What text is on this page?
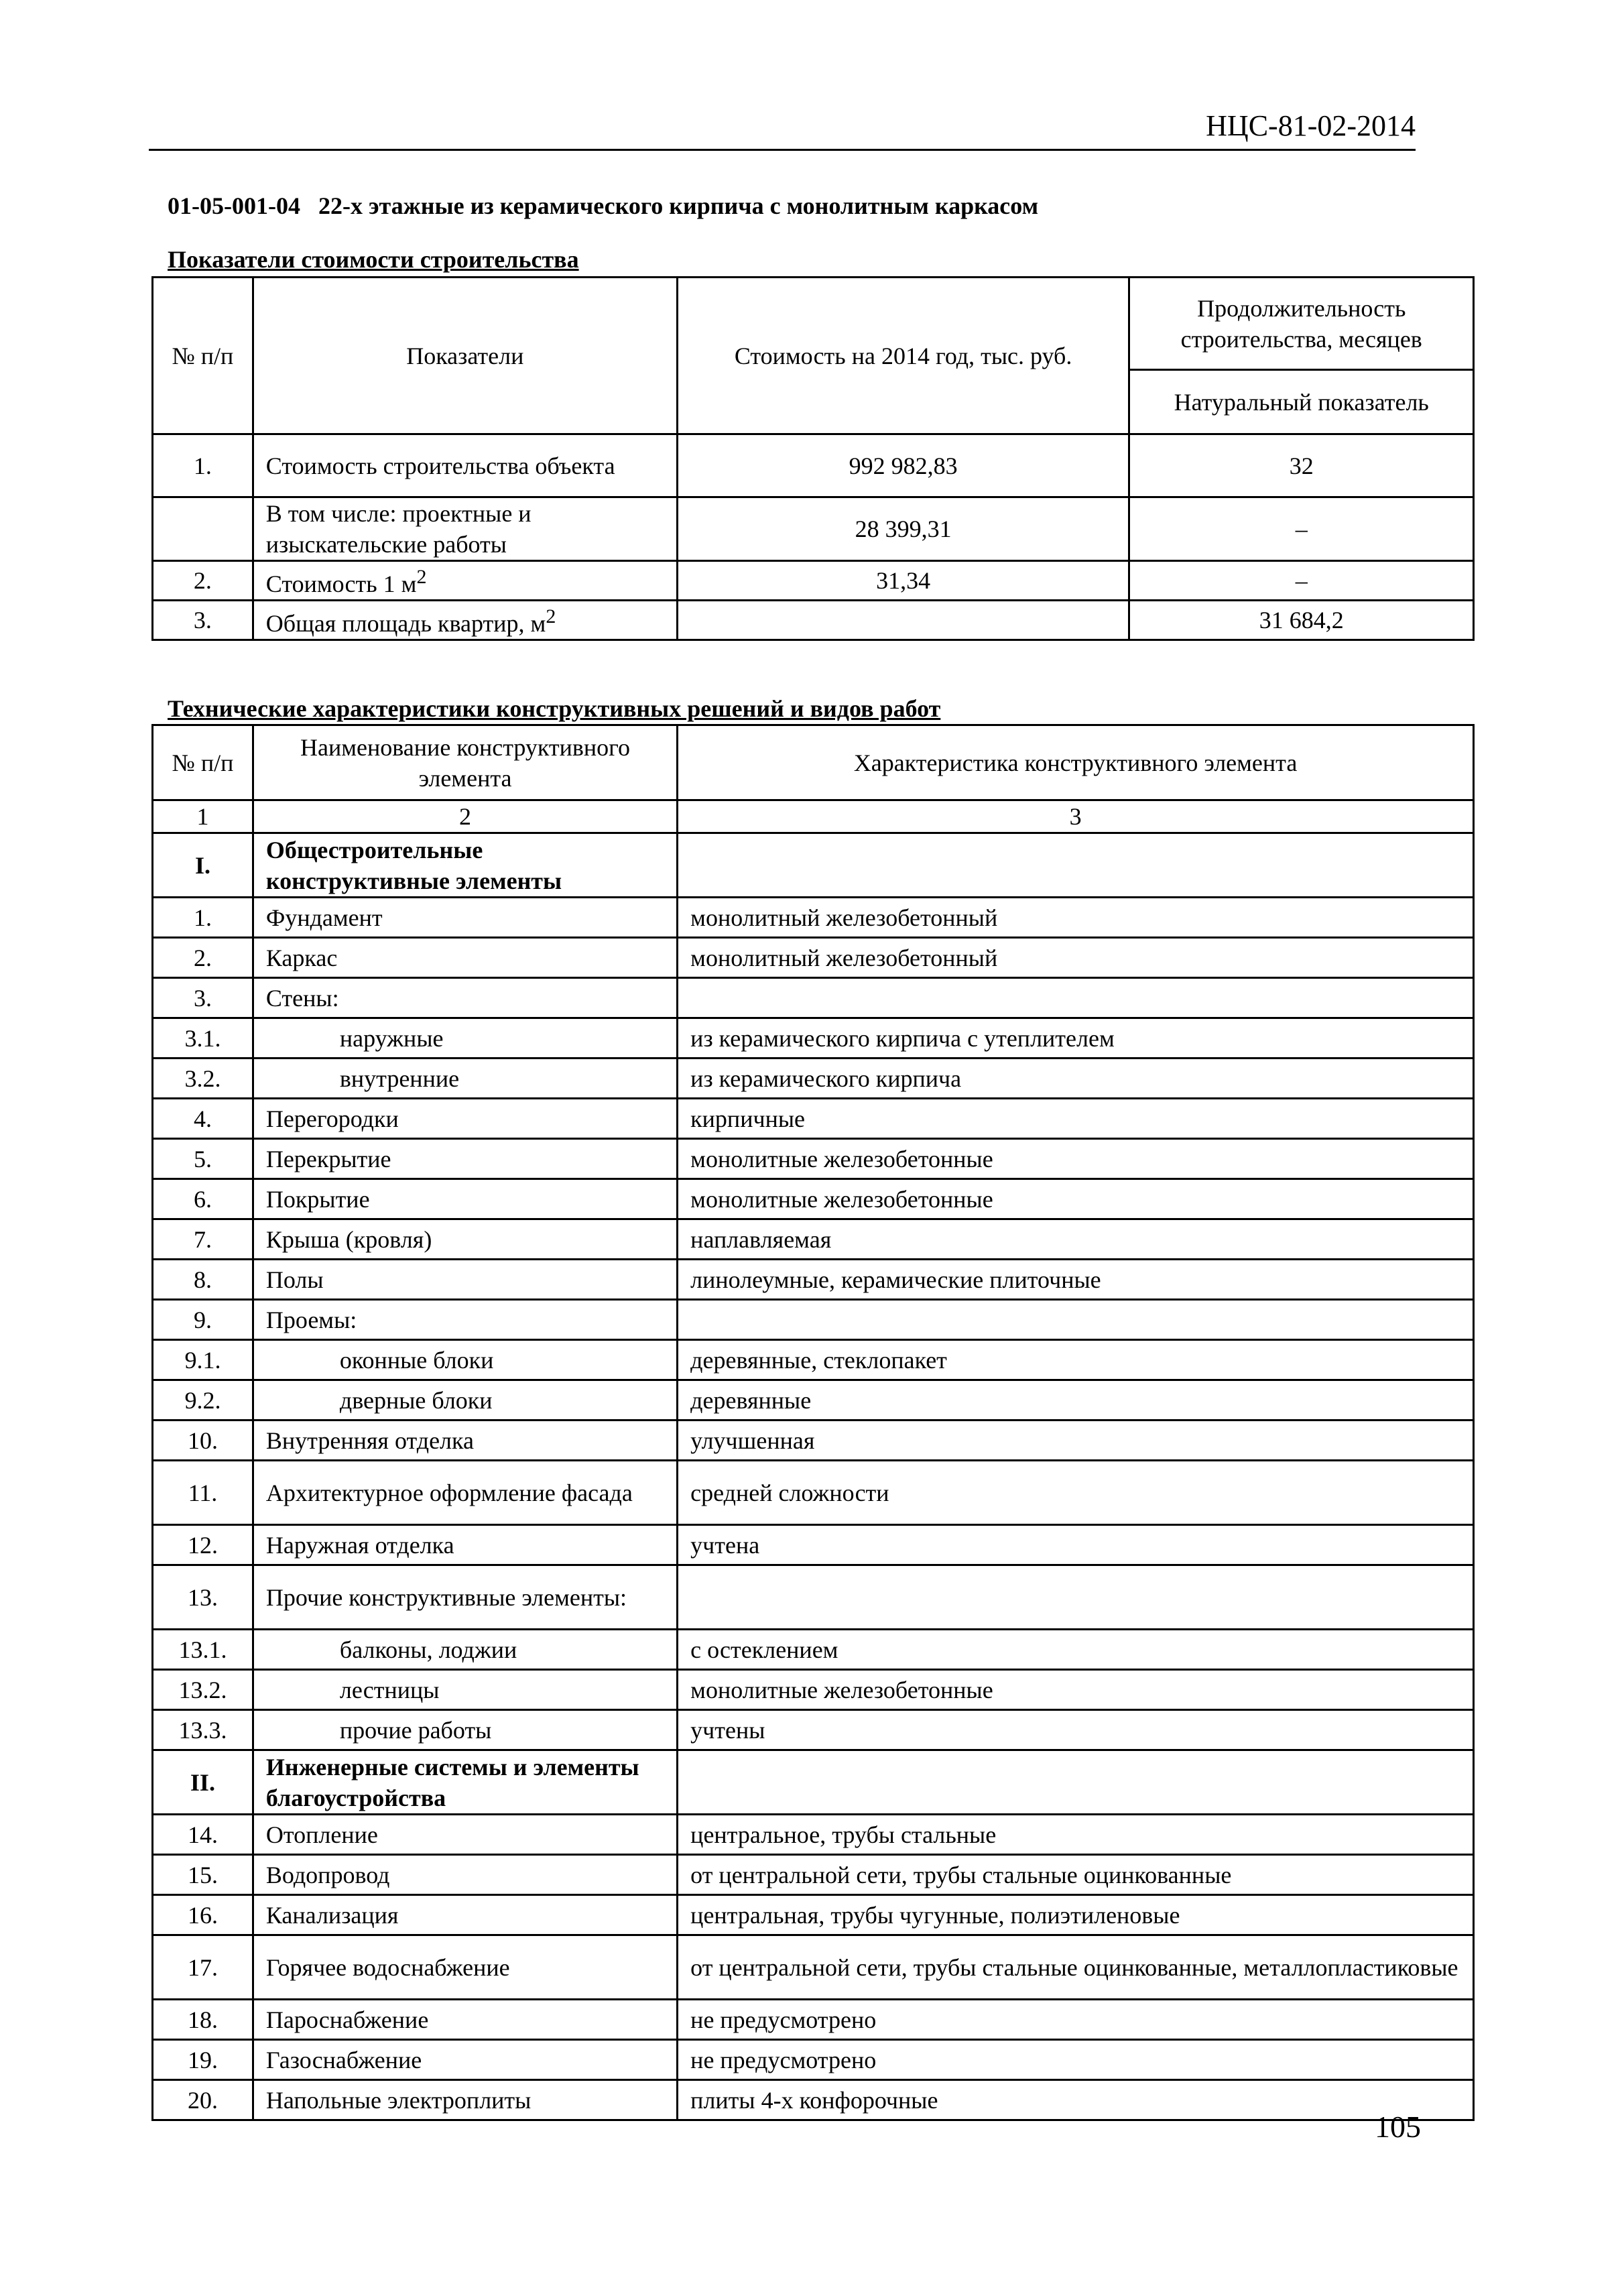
НЦС-81-02-2014
01-05-001-04 22-х этажные из керамического кирпича с монолитным каркасом
Показатели стоимости строительства
№ п/п	Показатели	Стоимость на 2014 год, тыс. руб.	Продолжительность строительства, месяцев
			Натуральный показатель
1.	Стоимость строительства объекта	992 982,83	32
	В том числе: проектные и изыскательские работы	28 399,31	–
2.	Стоимость 1 $м^2$	31,34	–
3.	Общая площадь квартир, $м^2$		31 684,2
Технические характеристики конструктивных решений и видов работ
№ п/п	Наименование конструктивного элемента	Характеристика конструктивного элемента
1	2	3
I.	Общестроительные конструктивные элементы	
1.	Фундамент	монолитный железобетонный
2.	Каркас	монолитный железобетонный
3.	Стены:	
3.1.	наружные	из керамического кирпича с утеплителем
3.2.	внутренние	из керамического кирпича
4.	Перегородки	кирпичные
5.	Перекрытие	монолитные железобетонные
6.	Покрытие	монолитные железобетонные
7.	Крыша (кровля)	наплавляемая
8.	Полы	линолеумные, керамические плиточные
9.	Проемы:	
9.1.	оконные блоки	деревянные, стеклопакет
9.2.	дверные блоки	деревянные
10.	Внутренняя отделка	улучшенная
11.	Архитектурное оформление фасада	средней сложности
12.	Наружная отделка	учтена
13.	Прочие конструктивные элементы:	
13.1.	балконы, лоджии	с остеклением
13.2.	лестницы	монолитные железобетонные
13.3.	прочие работы	учтены
II.	Инженерные системы и элементы благоустройства	
14.	Отопление	центральное, трубы стальные
15.	Водопровод	от центральной сети, трубы стальные оцинкованные
16.	Канализация	центральная, трубы чугунные, полиэтиленовые
17.	Горячее водоснабжение	от центральной сети, трубы стальные оцинкованные, металлопластиковые
18.	Пароснабжение	не предусмотрено
19.	Газоснабжение	не предусмотрено
20.	Напольные электроплиты	плиты 4-х конфорочные
105
